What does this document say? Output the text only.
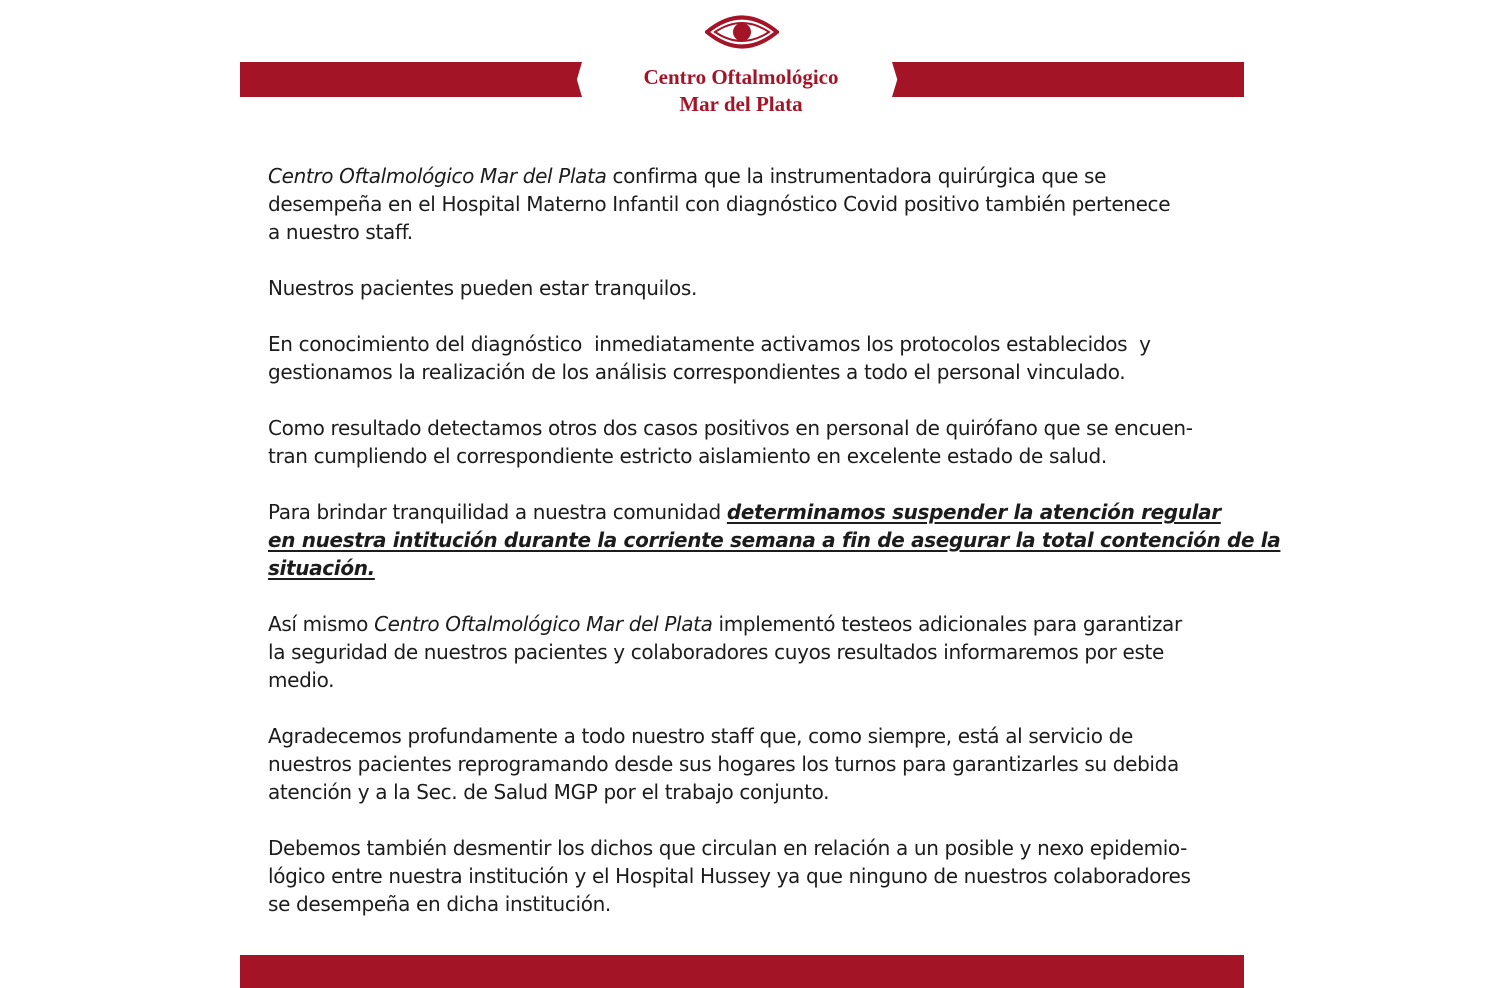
Centro Oftalmológico
Mar del Plata

Centro Oftalmológico Mar del Plata confirma que la instrumentadora quirúrgica que se
desempeña en el Hospital Materno Infantil con diagnóstico Covid positivo también pertenece
a nuestro staff.

Nuestros pacientes pueden estar tranquilos.

En conocimiento del diagnóstico  inmediatamente activamos los protocolos establecidos  y
gestionamos la realización de los análisis correspondientes a todo el personal vinculado.

Como resultado detectamos otros dos casos positivos en personal de quirófano que se encuen-
tran cumpliendo el correspondiente estricto aislamiento en excelente estado de salud.

Para brindar tranquilidad a nuestra comunidad determinamos suspender la atención regular
en nuestra intitución durante la corriente semana a fin de asegurar la total contención de la
situación.

Así mismo Centro Oftalmológico Mar del Plata implementó testeos adicionales para garantizar
la seguridad de nuestros pacientes y colaboradores cuyos resultados informaremos por este
medio.

Agradecemos profundamente a todo nuestro staff que, como siempre, está al servicio de
nuestros pacientes reprogramando desde sus hogares los turnos para garantizarles su debida
atención y a la Sec. de Salud MGP por el trabajo conjunto.

Debemos también desmentir los dichos que circulan en relación a un posible y nexo epidemio-
lógico entre nuestra institución y el Hospital Hussey ya que ninguno de nuestros colaboradores
se desempeña en dicha institución.
